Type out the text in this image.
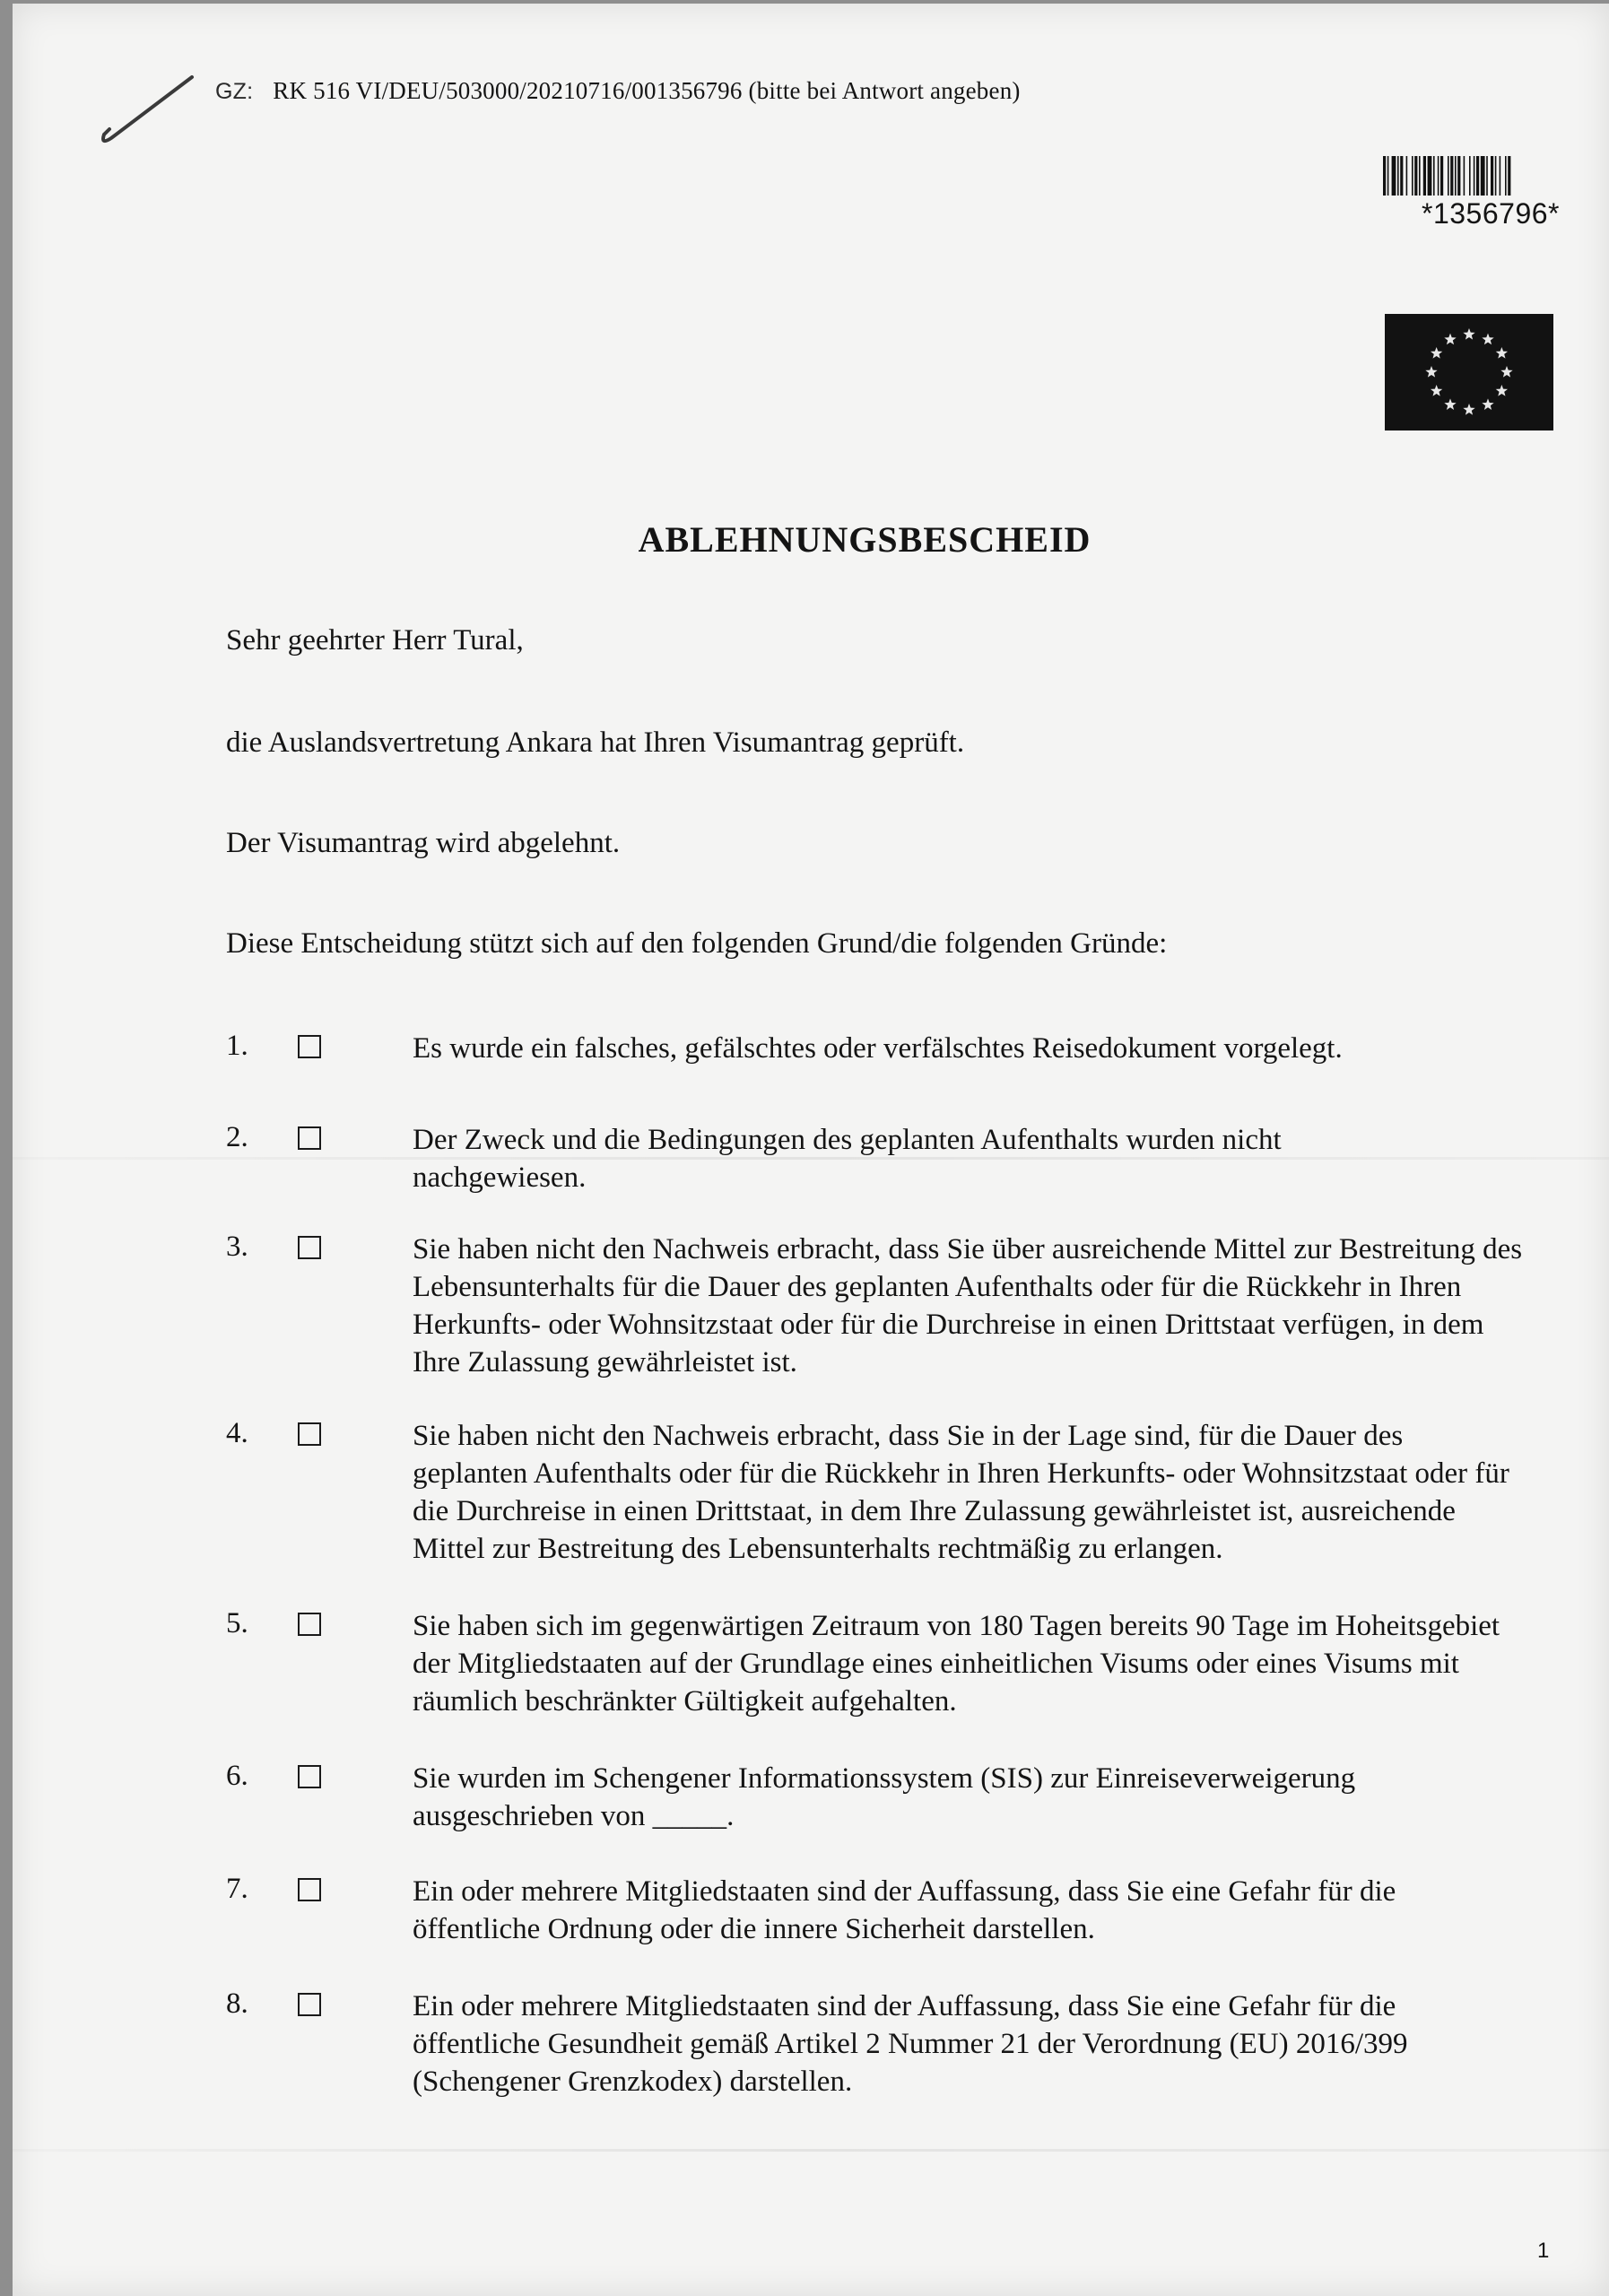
GZ: RK 516 VI/DEU/503000/20210716/001356796 (bitte bei Antwort angeben)
*1356796*
ABLEHNUNGSBESCHEID
Sehr geehrter Herr Tural,
die Auslandsvertretung Ankara hat Ihren Visumantrag geprüft.
Der Visumantrag wird abgelehnt.
Diese Entscheidung stützt sich auf den folgenden Grund/die folgenden Gründe:
1.	Es wurde ein falsches, gefälschtes oder verfälschtes Reisedokument vorgelegt.
2.	Der Zweck und die Bedingungen des geplanten Aufenthalts wurden nicht nachgewiesen.
3.	Sie haben nicht den Nachweis erbracht, dass Sie über ausreichende Mittel zur Bestreitung des Lebensunterhalts für die Dauer des geplanten Aufenthalts oder für die Rückkehr in Ihren Herkunfts- oder Wohnsitzstaat oder für die Durchreise in einen Drittstaat verfügen, in dem Ihre Zulassung gewährleistet ist.
4.	Sie haben nicht den Nachweis erbracht, dass Sie in der Lage sind, für die Dauer des geplanten Aufenthalts oder für die Rückkehr in Ihren Herkunfts- oder Wohnsitzstaat oder für die Durchreise in einen Drittstaat, in dem Ihre Zulassung gewährleistet ist, ausreichende Mittel zur Bestreitung des Lebensunterhalts rechtmäßig zu erlangen.
5.	Sie haben sich im gegenwärtigen Zeitraum von 180 Tagen bereits 90 Tage im Hoheitsgebiet der Mitgliedstaaten auf der Grundlage eines einheitlichen Visums oder eines Visums mit räumlich beschränkter Gültigkeit aufgehalten.
6.	Sie wurden im Schengener Informationssystem (SIS) zur Einreiseverweigerung ausgeschrieben von _____.
7.	Ein oder mehrere Mitgliedstaaten sind der Auffassung, dass Sie eine Gefahr für die öffentliche Ordnung oder die innere Sicherheit darstellen.
8.	Ein oder mehrere Mitgliedstaaten sind der Auffassung, dass Sie eine Gefahr für die öffentliche Gesundheit gemäß Artikel 2 Nummer 21 der Verordnung (EU) 2016/399 (Schengener Grenzkodex) darstellen.
1
